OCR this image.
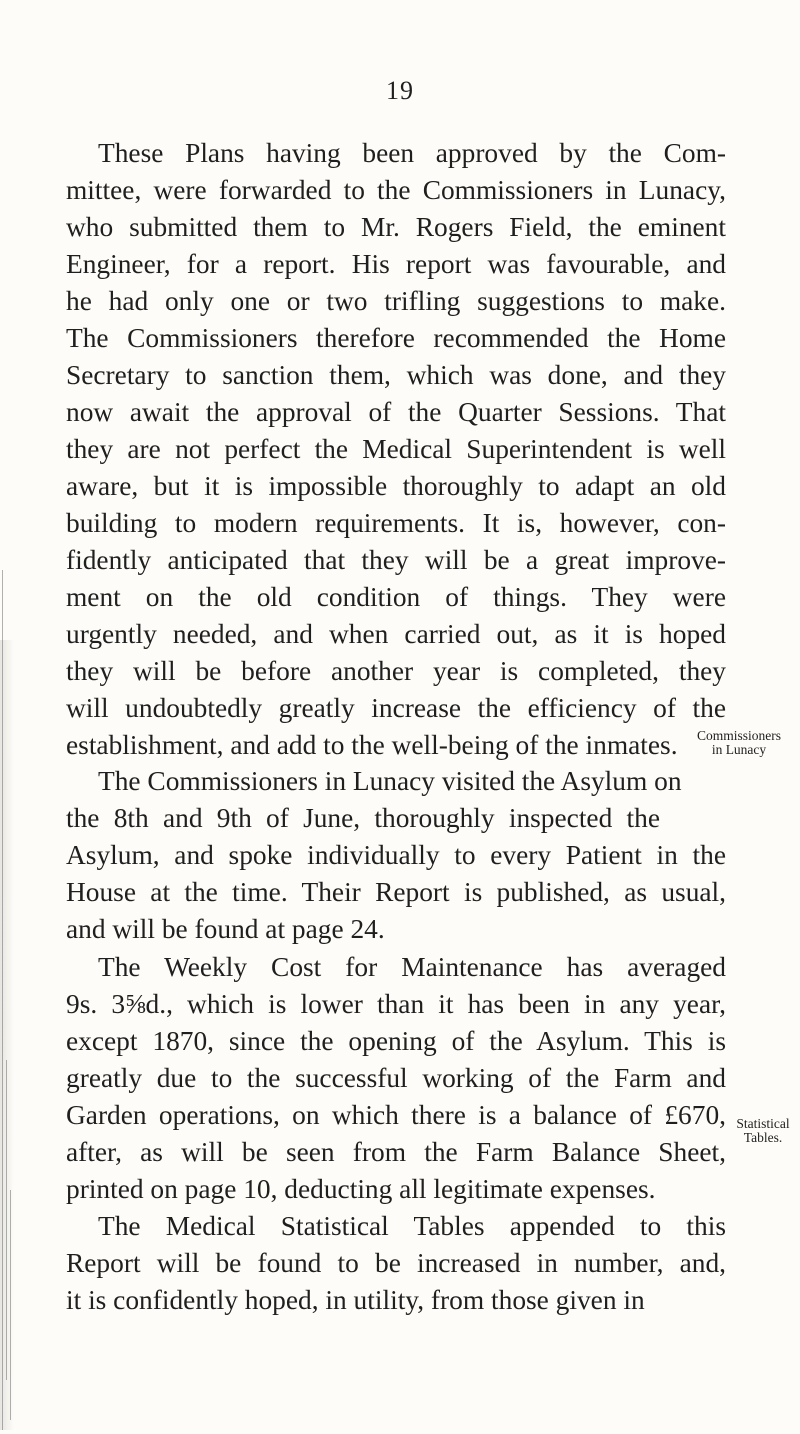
19
These Plans having been approved by the Com-
mittee, were forwarded to the Commissioners in Lunacy,
who submitted them to Mr. Rogers Field, the eminent
Engineer, for a report. His report was favourable, and
he had only one or two trifling suggestions to make.
The Commissioners therefore recommended the Home
Secretary to sanction them, which was done, and they
now await the approval of the Quarter Sessions. That
they are not perfect the Medical Superintendent is well
aware, but it is impossible thoroughly to adapt an old
building to modern requirements. It is, however, con-
fidently anticipated that they will be a great improve-
ment on the old condition of things. They were
urgently needed, and when carried out, as it is hoped
they will be before another year is completed, they
will undoubtedly greatly increase the efficiency of the
establishment, and add to the well-being of the inmates.
The Commissioners in Lunacy visited the Asylum on
the 8th and 9th of June, thoroughly inspected the
Asylum, and spoke individually to every Patient in the
House at the time. Their Report is published, as usual,
and will be found at page 24.
The Weekly Cost for Maintenance has averaged
9s. 3⅝d., which is lower than it has been in any year,
except 1870, since the opening of the Asylum. This is
greatly due to the successful working of the Farm and
Garden operations, on which there is a balance of £670,
after, as will be seen from the Farm Balance Sheet,
printed on page 10, deducting all legitimate expenses.
The Medical Statistical Tables appended to this
Report will be found to be increased in number, and,
it is confidently hoped, in utility, from those given in
Commissioners
in Lunacy
Statistical
Tables.
